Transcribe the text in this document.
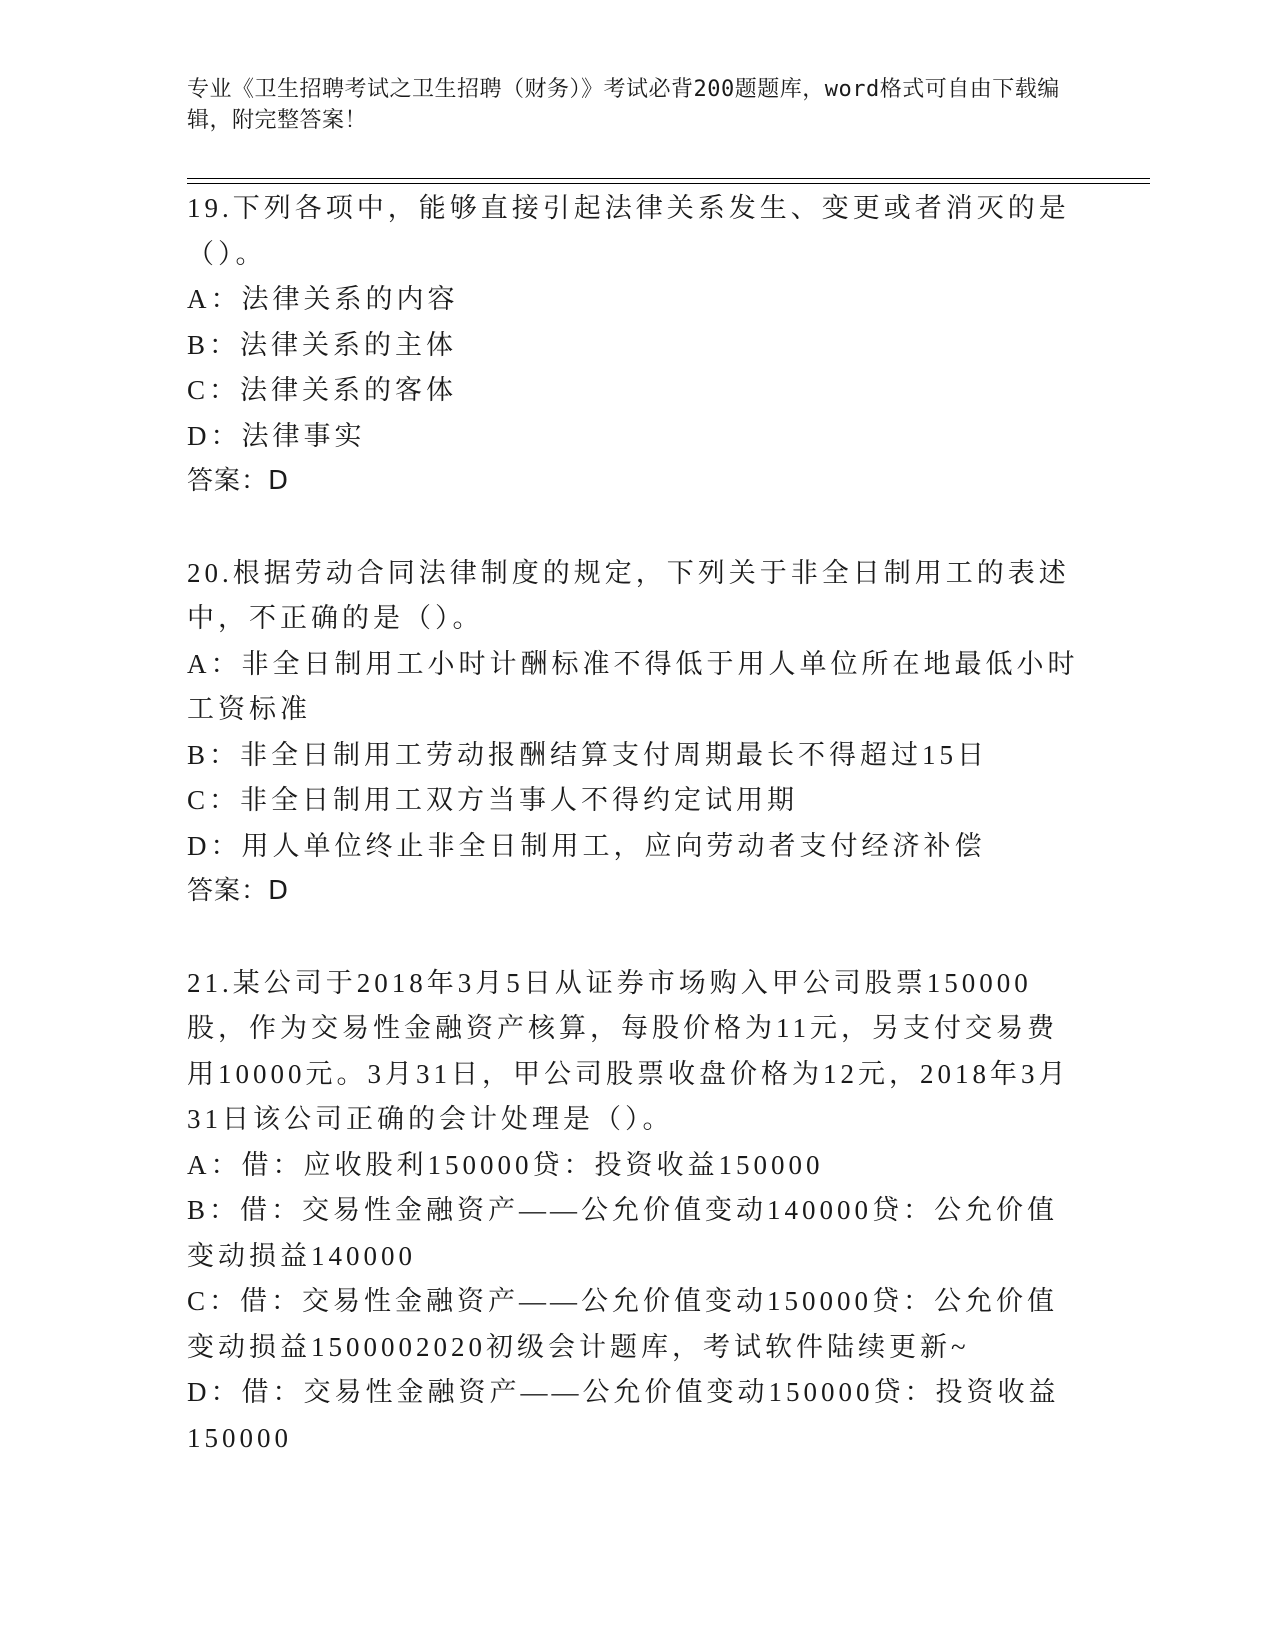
专业《卫生招聘考试之卫生招聘（财务）》考试必背200题题库，word格式可自由下载编辑，附完整答案！

19.下列各项中，能够直接引起法律关系发生、变更或者消灭的是（）。

A：法律关系的内容

B：法律关系的主体

C：法律关系的客体

D：法律事实

答案：D

20.根据劳动合同法律制度的规定，下列关于非全日制用工的表述中，不正确的是（）。

A：非全日制用工小时计酬标准不得低于用人单位所在地最低小时工资标准

B：非全日制用工劳动报酬结算支付周期最长不得超过15日

C：非全日制用工双方当事人不得约定试用期

D：用人单位终止非全日制用工，应向劳动者支付经济补偿

答案：D

21.某公司于2018年3月5日从证券市场购入甲公司股票150000股，作为交易性金融资产核算，每股价格为11元，另支付交易费用10000元。3月31日，甲公司股票收盘价格为12元，2018年3月31日该公司正确的会计处理是（）。

A：借：应收股利150000贷：投资收益150000

B：借：交易性金融资产——公允价值变动140000贷：公允价值变动损益140000

C：借：交易性金融资产——公允价值变动150000贷：公允价值变动损益1500002020初级会计题库，考试软件陆续更新~

D：借：交易性金融资产——公允价值变动150000贷：投资收益150000
